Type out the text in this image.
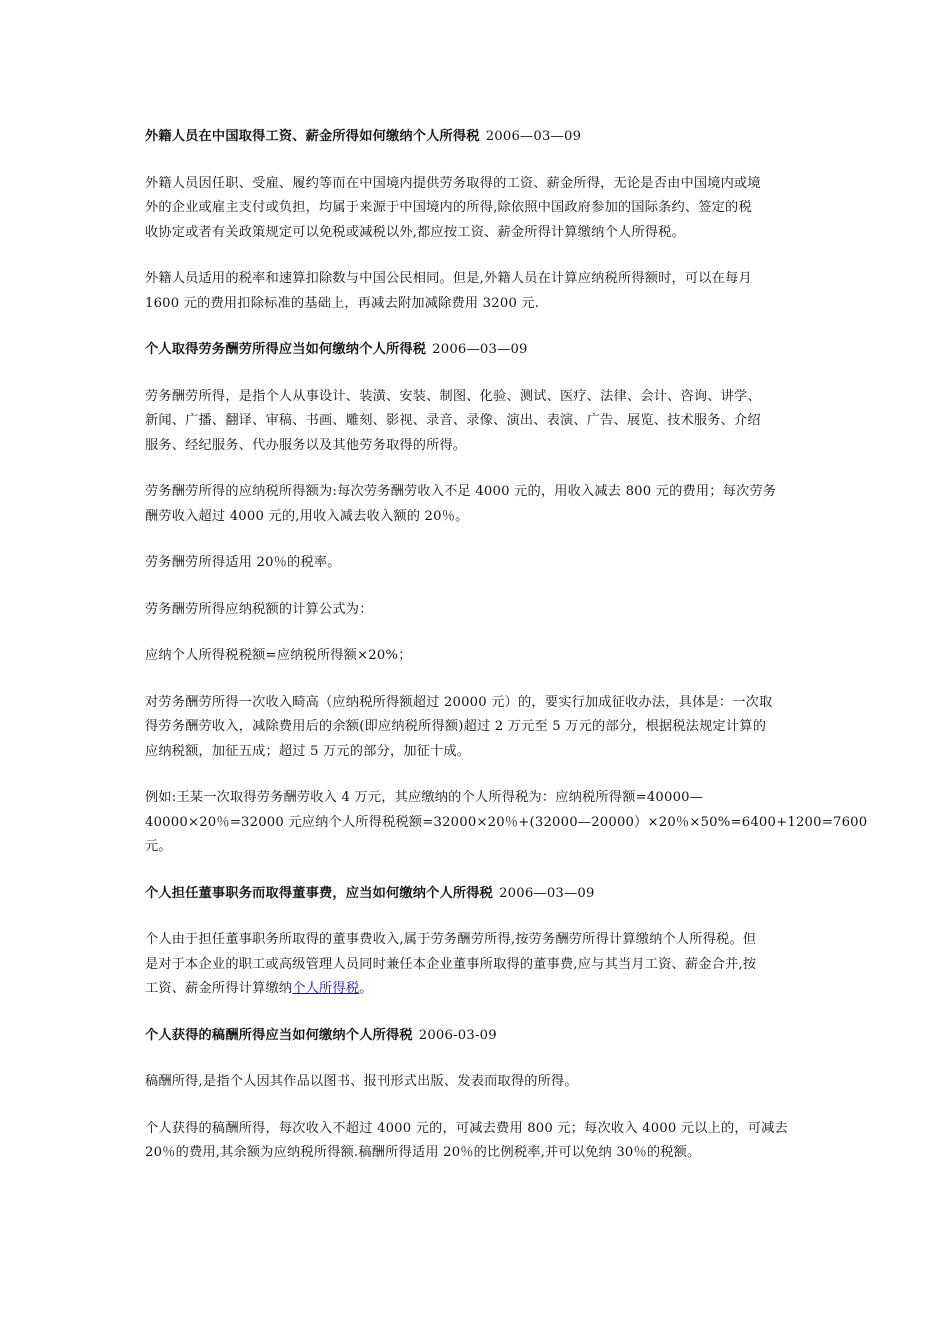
外籍人员在中国取得工资、薪金所得如何缴纳个人所得税 2006—03—09
外籍人员因任职、受雇、履约等而在中国境内提供劳务取得的工资、薪金所得，无论是否由中国境内或境
外的企业或雇主支付或负担，均属于来源于中国境内的所得,除依照中国政府参加的国际条约、签定的税
收协定或者有关政策规定可以免税或减税以外,都应按工资、薪金所得计算缴纳个人所得税。
外籍人员适用的税率和速算扣除数与中国公民相同。但是,外籍人员在计算应纳税所得额时，可以在每月
1600 元的费用扣除标准的基础上，再减去附加减除费用 3200 元.
个人取得劳务酬劳所得应当如何缴纳个人所得税 2006—03—09
劳务酬劳所得，是指个人从事设计、装潢、安装、制图、化验、测试、医疗、法律、会计、咨询、讲学、
新闻、广播、翻译、审稿、书画、雕刻、影视、录音、录像、演出、表演、广告、展览、技术服务、介绍
服务、经纪服务、代办服务以及其他劳务取得的所得。
劳务酬劳所得的应纳税所得额为:每次劳务酬劳收入不足 4000 元的，用收入减去 800 元的费用；每次劳务
酬劳收入超过 4000 元的,用收入减去收入额的 20％。
劳务酬劳所得适用 20％的税率。
劳务酬劳所得应纳税额的计算公式为：
应纳个人所得税税额=应纳税所得额×20%；
对劳务酬劳所得一次收入畸高（应纳税所得额超过 20000 元）的，要实行加成征收办法，具体是：一次取
得劳务酬劳收入，减除费用后的余额(即应纳税所得额)超过 2 万元至 5 万元的部分，根据税法规定计算的
应纳税额，加征五成；超过 5 万元的部分，加征十成。
例如:王某一次取得劳务酬劳收入 4 万元，其应缴纳的个人所得税为：应纳税所得额=40000—
40000×20％=32000 元应纳个人所得税税额=32000×20％+(32000—20000）×20％×50%=6400+1200=7600
元。
个人担任董事职务而取得董事费，应当如何缴纳个人所得税 2006—03—09
个人由于担任董事职务所取得的董事费收入,属于劳务酬劳所得,按劳务酬劳所得计算缴纳个人所得税。但
是对于本企业的职工或高级管理人员同时兼任本企业董事所取得的董事费,应与其当月工资、薪金合并,按
工资、薪金所得计算缴纳个人所得税。
个人获得的稿酬所得应当如何缴纳个人所得税 2006-03-09
稿酬所得,是指个人因其作品以图书、报刊形式出版、发表而取得的所得。
个人获得的稿酬所得，每次收入不超过 4000 元的，可减去费用 800 元；每次收入 4000 元以上的，可减去
20％的费用,其余额为应纳税所得额.稿酬所得适用 20％的比例税率,并可以免纳 30％的税额。
